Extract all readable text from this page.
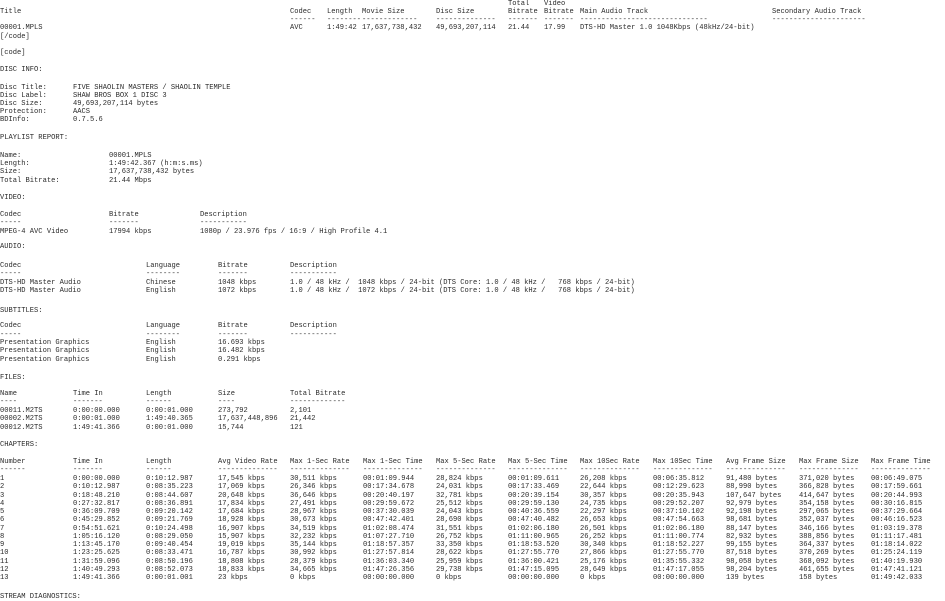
Total Video
Title	Codec Length Movie Size	Disc Size	Bitrate Bitrate Main Audio Track	Secondary Audio Track
------ -------- -------------	-------------- ------- ------- ------------------------------	----------------------
00001.MPLS	AVC	1:49:42 17,637,738,432 49,693,207,114 21.44 17.99 DTS-HD Master 1.0 1048Kbps (48kHz/24-bit)
[/code]
[code]
DISC INFO:
Disc Title:	FIVE SHAOLIN MASTERS / SHAOLIN TEMPLE
Disc Label:	SHAW BROS BOX 1 DISC 3
Disc Size:	49,693,207,114 bytes
Protection:	AACS
BDInfo:	0.7.5.6
PLAYLIST REPORT:
Name:	00001.MPLS
Length:	1:49:42.367 (h:m:s.ms)
Size:	17,637,738,432 bytes
Total Bitrate:	21.44 Mbps
VIDEO:
Codec	Bitrate	Description
-----	-------	-----------
MPEG-4 AVC Video	17994 kbps	1080p / 23.976 fps / 16:9 / High Profile 4.1
AUDIO:
Codec	Language	Bitrate	Description
-----	--------	-------	-----------
DTS-HD Master Audio	Chinese	1048 kbps	1.0 / 48 kHz /  1048 kbps / 24-bit (DTS Core: 1.0 / 48 kHz /   768 kbps / 24-bit)
DTS-HD Master Audio	English	1072 kbps	1.0 / 48 kHz /  1072 kbps / 24-bit (DTS Core: 1.0 / 48 kHz /   768 kbps / 24-bit)
SUBTITLES:
Codec	Language	Bitrate	Description
-----	--------	-------	-----------
Presentation Graphics	English	16.693 kbps
Presentation Graphics	English	16.482 kbps
Presentation Graphics	English	0.291 kbps
FILES:
Name	Time In	Length	Size	Total Bitrate
----	-------	------	----	-------------
00011.M2TS	0:00:00.000	0:00:01.000	273,792	2,101
00002.M2TS	0:00:01.000	1:49:40.365	17,637,448,896 21,442
00012.M2TS	1:49:41.366	0:00:01.000	15,744	121
CHAPTERS:
Number	Time In	Length	Avg Video Rate Max 1-Sec Rate Max 1-Sec Time Max 5-Sec Rate Max 5-Sec Time Max 10Sec Rate Max 10Sec Time Avg Frame Size Max Frame Size Max Frame Time
------	-------	------	-------------- -------------- -------------- -------------- -------------- -------------- -------------- -------------- -------------- --------------
1	0:00:00.000	0:10:12.987	17,545 kbps	30,511 kbps	00:01:09.944	28,824 kbps	00:01:09.611	26,208 kbps	00:06:35.812	91,480 bytes	371,020 bytes 00:06:49.075
2	0:10:12.987	0:08:35.223	17,069 kbps	26,346 kbps	00:17:34.678	24,031 kbps	00:17:33.469	22,644 kbps	00:12:29.623	88,990 bytes	366,828 bytes 00:17:59.661
3	0:18:48.210	0:08:44.607	20,648 kbps	36,646 kbps	00:20:40.197	32,781 kbps	00:20:39.154	30,357 kbps	00:20:35.943	107,647 bytes 414,647 bytes 00:20:44.993
4	0:27:32.817	0:08:36.891	17,834 kbps	27,491 kbps	00:29:59.672	25,512 kbps	00:29:59.130	24,735 kbps	00:29:52.207	92,979 bytes	354,158 bytes 00:30:16.815
5	0:36:09.709	0:09:20.142	17,684 kbps	28,967 kbps	00:37:30.039	24,043 kbps	00:40:36.559	22,297 kbps	00:37:10.102	92,198 bytes	297,065 bytes 00:37:29.664
6	0:45:29.852	0:09:21.769	18,928 kbps	30,673 kbps	00:47:42.401	28,690 kbps	00:47:40.482	26,653 kbps	00:47:54.663	98,681 bytes	352,037 bytes 00:46:16.523
7	0:54:51.621	0:10:24.498	16,907 kbps	34,519 kbps	01:02:08.474	31,551 kbps	01:02:06.180	26,501 kbps	01:02:06.180	88,147 bytes	346,166 bytes 01:03:19.378
8	1:05:16.120	0:08:29.050	15,907 kbps	32,232 kbps	01:07:27.710	26,752 kbps	01:11:00.965	26,252 kbps	01:11:00.774	82,932 bytes	388,856 bytes 01:11:17.481
9	1:13:45.170	0:09:40.454	19,019 kbps	35,144 kbps	01:18:57.357	33,350 kbps	01:18:53.520	30,340 kbps	01:18:52.227	99,155 bytes	364,337 bytes 01:18:14.022
10	1:23:25.625	0:08:33.471	16,787 kbps	30,992 kbps	01:27:57.814	28,622 kbps	01:27:55.770	27,866 kbps	01:27:55.770	87,518 bytes	370,269 bytes 01:25:24.119
11	1:31:59.096	0:08:50.196	18,808 kbps	28,379 kbps	01:36:03.340	25,959 kbps	01:36:00.421	25,176 kbps	01:35:55.332	98,058 bytes	368,092 bytes 01:40:19.930
12	1:40:49.293	0:08:52.073	18,833 kbps	34,665 kbps	01:47:26.356	29,738 kbps	01:47:15.095	28,649 kbps	01:47:17.055	98,204 bytes	461,655 bytes 01:47:41.121
13	1:49:41.366	0:00:01.001	23 kbps	0 kbps	00:00:00.000	0 kbps	00:00:00.000	0 kbps	00:00:00.000	139 bytes	158 bytes	01:49:42.033
STREAM DIAGNOSTICS:
